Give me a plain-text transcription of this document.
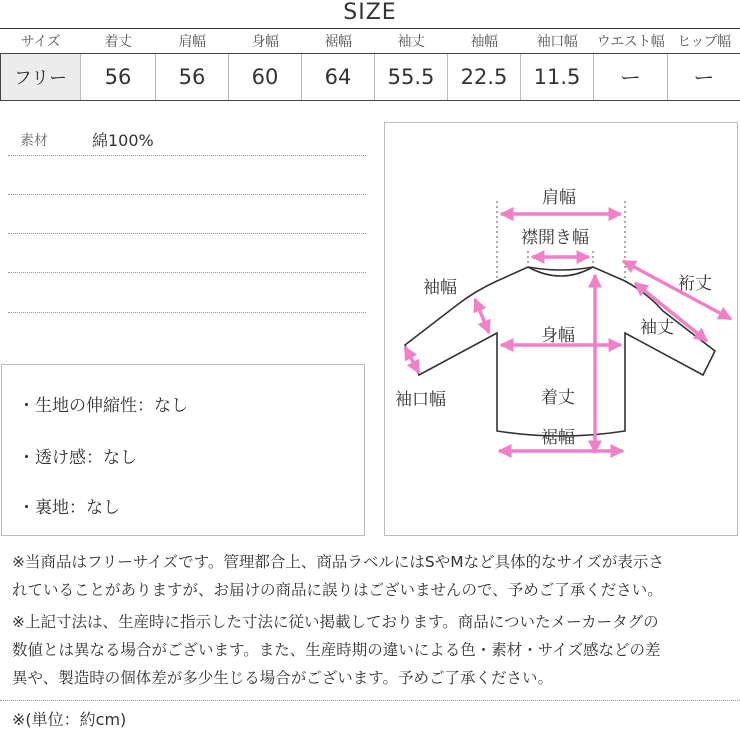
SIZE
サイズ	着丈	肩幅	身幅	裾幅	袖丈	袖幅	袖口幅	ウエスト幅	ヒップ幅
フリー	56	56	60	64	55.5	22.5	11.5	ー	ー
素材	綿100%
・生地の伸縮性：なし
・透け感：なし
・裏地：なし
肩幅
襟開き幅
袖幅	裄丈
袖丈
身幅
袖口幅	着丈
裾幅
※当商品はフリーサイズです。管理都合上、商品ラベルにはSやMなど具体的なサイズが表示さ
れていることがありますが、お届けの商品に誤りはございませんので、予めご了承ください。
※上記寸法は、生産時に指示した寸法に従い掲載しております。商品についたメーカータグの
数値とは異なる場合がございます。また、生産時期の違いによる色・素材・サイズ感などの差
異や、製造時の個体差が多少生じる場合がございます。予めご了承ください。
※(単位：約cm)
